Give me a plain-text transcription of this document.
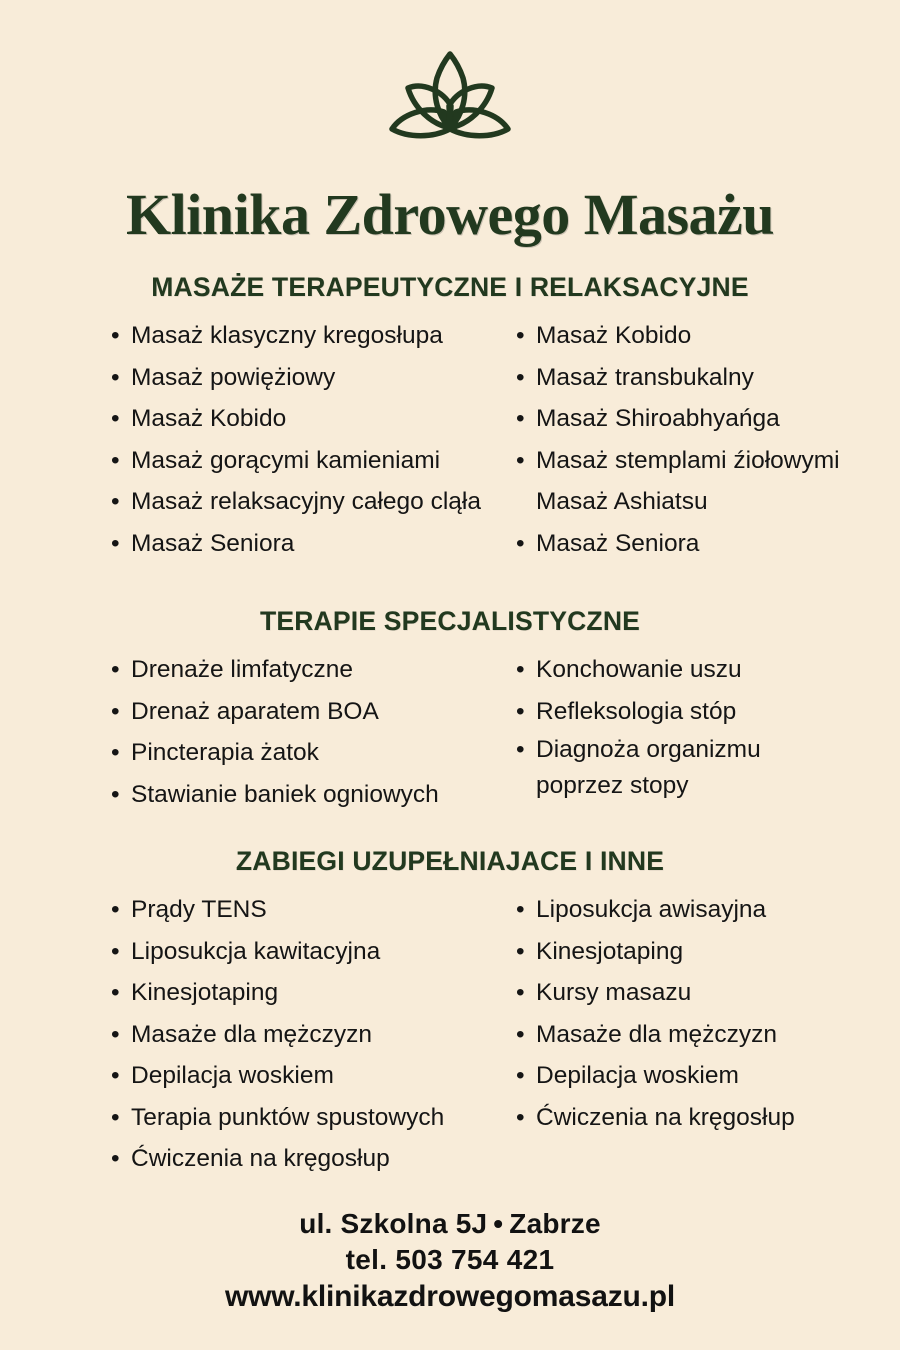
Klinika Zdrowego Masażu
MASAŻE TERAPEUTYCZNE I RELAKSACYJNE
• Masaż klasyczny kregosłupa
• Masaż powiężiowy
• Masaż Kobido
• Masaż gorącymi kamieniami
• Masaż relaksacyjny całego cląła
• Masaż Seniora
• Masaż Kobido
• Masaż transbukalny
• Masaż Shiroabhyańga
• Masaż stemplami źiołowymi
Masaż Ashiatsu
• Masaż Seniora
TERAPIE SPECJALISTYCZNE
• Drenaże limfatyczne
• Drenaż aparatem BOA
• Pincterapia żatok
• Stawianie baniek ogniowych
• Konchowanie uszu
• Refleksologia stóp
• Diagnoża organizmu poprzez stopy
ZABIEGI UZUPEŁNIAJACE I INNE
• Prądy TENS
• Liposukcja kawitacyjna
• Kinesjotaping
• Masaże dla mężczyzn
• Depilacja woskiem
• Terapia punktów spustowych
• Ćwiczenia na kręgosłup
• Liposukcja awisayjna
• Kinesjotaping
• Kursy masazu
• Masaże dla mężczyzn
• Depilacja woskiem
• Ćwiczenia na kręgosłup
ul. Szkolna 5J • Zabrze
tel. 503 754 421
www.klinikazdrowegomasazu.pl
